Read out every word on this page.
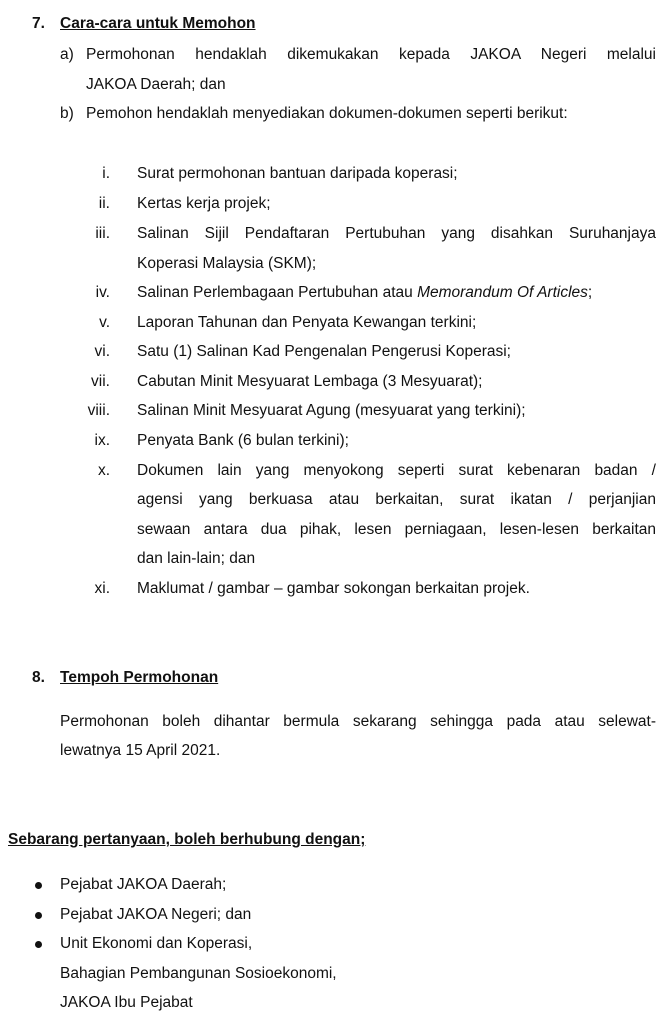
7. Cara-cara untuk Memohon
a) Permohonan hendaklah dikemukakan kepada JAKOA Negeri melalui
JAKOA Daerah; dan
b) Pemohon hendaklah menyediakan dokumen-dokumen seperti berikut:
i. Surat permohonan bantuan daripada koperasi;
ii. Kertas kerja projek;
iii. Salinan Sijil Pendaftaran Pertubuhan yang disahkan Suruhanjaya
Koperasi Malaysia (SKM);
iv. Salinan Perlembagaan Pertubuhan atau Memorandum Of Articles;
v. Laporan Tahunan dan Penyata Kewangan terkini;
vi. Satu (1) Salinan Kad Pengenalan Pengerusi Koperasi;
vii. Cabutan Minit Mesyuarat Lembaga (3 Mesyuarat);
viii. Salinan Minit Mesyuarat Agung (mesyuarat yang terkini);
ix. Penyata Bank (6 bulan terkini);
x. Dokumen lain yang menyokong seperti surat kebenaran badan /
agensi yang berkuasa atau berkaitan, surat ikatan / perjanjian
sewaan antara dua pihak, lesen perniagaan, lesen-lesen berkaitan
dan lain-lain; dan
xi. Maklumat / gambar – gambar sokongan berkaitan projek.
8. Tempoh Permohonan
Permohonan boleh dihantar bermula sekarang sehingga pada atau selewat-
lewatnya 15 April 2021.
Sebarang pertanyaan, boleh berhubung dengan;
Pejabat JAKOA Daerah;
Pejabat JAKOA Negeri; dan
Unit Ekonomi dan Koperasi,
Bahagian Pembangunan Sosioekonomi,
JAKOA Ibu Pejabat
